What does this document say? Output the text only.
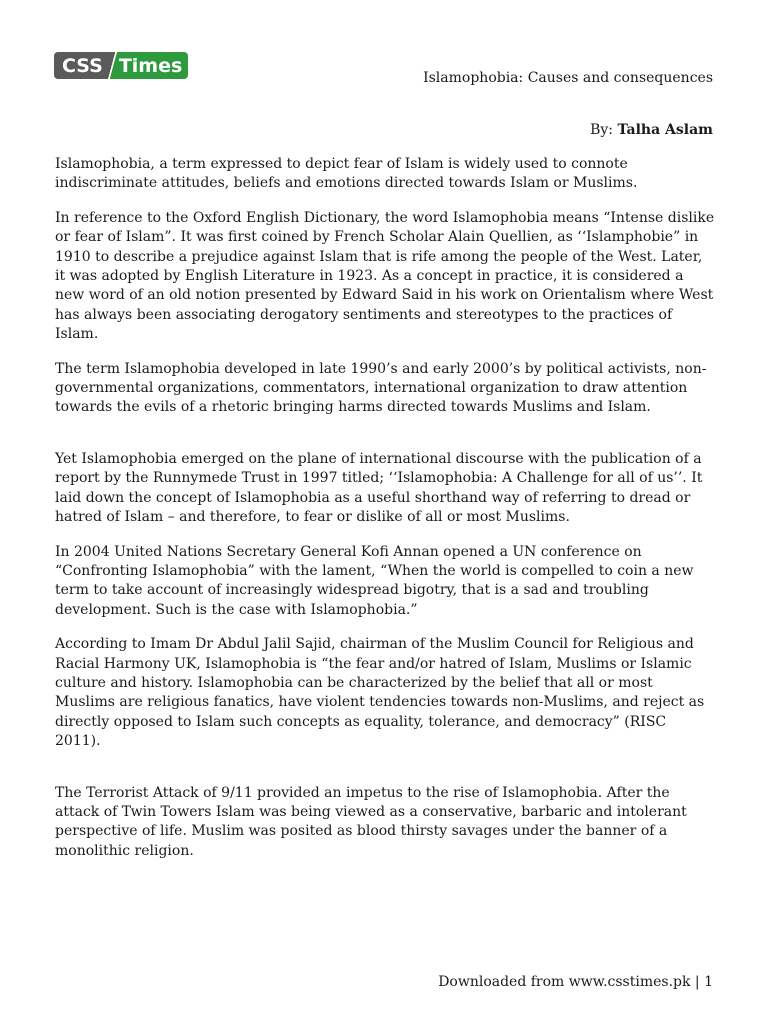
CSS Times
Islamophobia: Causes and consequences
By: Talha Aslam

Islamophobia, a term expressed to depict fear of Islam is widely used to connote indiscriminate attitudes, beliefs and emotions directed towards Islam or Muslims.

In reference to the Oxford English Dictionary, the word Islamophobia means “Intense dislike or fear of Islam”. It was first coined by French Scholar Alain Quellien, as ‘‘Islamphobie” in 1910 to describe a prejudice against Islam that is rife among the people of the West. Later, it was adopted by English Literature in 1923. As a concept in practice, it is considered a new word of an old notion presented by Edward Said in his work on Orientalism where West has always been associating derogatory sentiments and stereotypes to the practices of Islam.

The term Islamophobia developed in late 1990’s and early 2000’s by political activists, non-governmental organizations, commentators, international organization to draw attention towards the evils of a rhetoric bringing harms directed towards Muslims and Islam.

Yet Islamophobia emerged on the plane of international discourse with the publication of a report by the Runnymede Trust in 1997 titled; ‘‘Islamophobia: A Challenge for all of us’’. It laid down the concept of Islamophobia as a useful shorthand way of referring to dread or hatred of Islam – and therefore, to fear or dislike of all or most Muslims.

In 2004 United Nations Secretary General Kofi Annan opened a UN conference on “Confronting Islamophobia” with the lament, “When the world is compelled to coin a new term to take account of increasingly widespread bigotry, that is a sad and troubling development. Such is the case with Islamophobia.”

According to Imam Dr Abdul Jalil Sajid, chairman of the Muslim Council for Religious and Racial Harmony UK, Islamophobia is “the fear and/or hatred of Islam, Muslims or Islamic culture and history. Islamophobia can be characterized by the belief that all or most Muslims are religious fanatics, have violent tendencies towards non-Muslims, and reject as directly opposed to Islam such concepts as equality, tolerance, and democracy” (RISC 2011).

The Terrorist Attack of 9/11 provided an impetus to the rise of Islamophobia. After the attack of Twin Towers Islam was being viewed as a conservative, barbaric and intolerant perspective of life. Muslim was posited as blood thirsty savages under the banner of a monolithic religion.

Downloaded from www.csstimes.pk | 1
